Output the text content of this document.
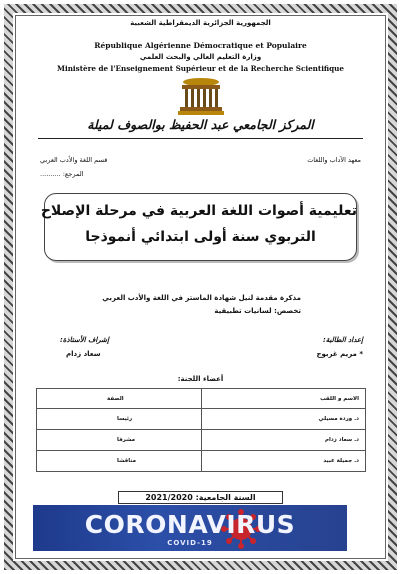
الجمهورية الجزائرية الديمقراطية الشعبية
République Algérienne Démocratique et Populaire
وزارة التعليم العالي والبحث العلمي
Ministère de l'Enseignement Supérieur et de la Recherche Scientifique
المركز الجامعي عبد الحفيظ بوالصوف لميلة
معهد الآداب واللغات
قسم اللغة والأدب العربي
المرجع: ..........
تعليمية أصوات اللغة العربية في مرحلة الإصلاح
التربوي سنة أولى ابتدائي أنموذجا
مذكرة مقدمة لنيل شهادة الماستر في اللغة والأدب العربي
تخصص: لسانيات تطبيقية
إعداد الطالبة:
* مريم غربوج
إشراف الأستاذة:
سعاد زدام
أعضاء اللجنة:
الاسم و اللقب	الصفة
د. وردة مسيلي	رئيسا
د. سعاد زدام	مشرفا
د. جميلة عبيد	مناقشا
السنة الجامعية: 2021/2020
CORONAVIRUS
COVID-19
